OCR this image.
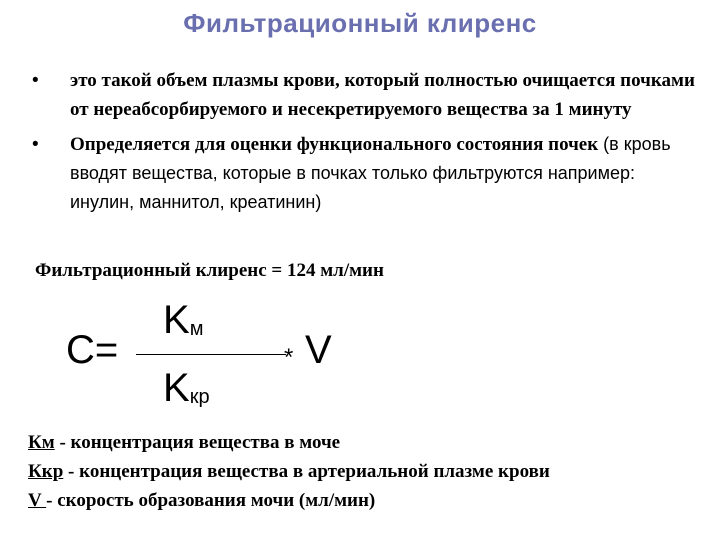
Фильтрационный клиренс
• это такой объем плазмы крови, который полностью очищается почками от нереабсорбируемого и несекретируемого вещества за 1 минуту
• Определяется для оценки функционального состояния почек (в кровь вводят вещества, которые в почках только фильтруются например: инулин, маннитол, креатинин)
Фильтрационный клиренс = 124 мл/мин
C=
$K_м$
$K_{кр}$
* V
Км - концентрация вещества в моче
Ккр - концентрация вещества в артериальной плазме крови
V - скорость образования мочи (мл/мин)
